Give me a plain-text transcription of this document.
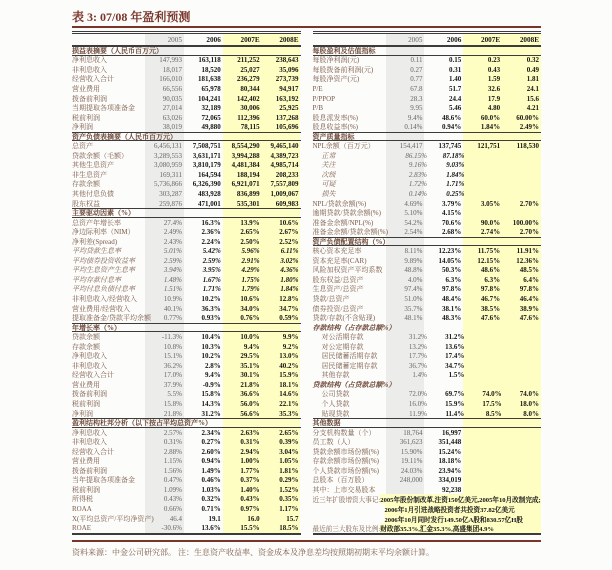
表 3: 07/08 年盈利预测
2005	2006	2007E	2008E
损益表摘要（人民币百万元）
净利息收入	147,993	163,118	211,252	238,643
非利息收入	18,017	18,520	25,027	35,096
经营收入合计	166,010	181,638	236,279	273,739
营业费用	66,556	65,978	80,344	94,917
拨备前利润	90,035	104,241	142,402	163,192
当期提取各项准备金	27,014	32,189	30,006	25,925
税前利润	63,026	72,065	112,396	137,268
净利润	38,019	49,880	78,115	105,696
资产负债表摘要（人民币百万元）
总资产	6,456,131	7,508,751	8,554,290	9,465,140
贷款余额（毛额）	3,289,553	3,631,171	3,994,288	4,389,723
其他生息资产	3,080,959	3,810,179	4,481,384	4,985,714
非生息资产	169,311	164,594	188,194	208,233
存款余额	5,736,866	6,326,390	6,921,071	7,557,809
其他付息负债	303,287	483,928	836,899	1,009,067
股东权益	259,876	471,001	535,301	609,983
主要驱动因素（%）
总资产年增长率	27.4%	16.3%	13.9%	10.6%
净边际利率（NIM）	2.49%	2.36%	2.65%	2.67%
净利差(Spread)	2.43%	2.24%	2.50%	2.52%
平均贷款生息率	5.01%	5.42%	5.96%	6.11%
平均债券投资收益率	2.59%	2.59%	2.91%	3.02%
平均生息资产生息率	3.94%	3.95%	4.29%	4.36%
平均存款付息率	1.48%	1.67%	1.75%	1.80%
平均付息负债付息率	1.51%	1.71%	1.79%	1.84%
非利息收入/经营收入	10.9%	10.2%	10.6%	12.8%
营业费用/经营收入	40.1%	36.3%	34.0%	34.7%
提取准备金/贷款平均余额	0.77%	0.93%	0.76%	0.59%
年增长率（%）
贷款余额	-11.3%	10.4%	10.0%	9.9%
存款余额	10.8%	10.3%	9.4%	9.2%
净利息收入	15.1%	10.2%	29.5%	13.0%
非利息收入	36.2%	2.8%	35.1%	40.2%
经营收入合计	17.0%	9.4%	30.1%	15.9%
营业费用	37.9%	-0.9%	21.8%	18.1%
拨备前利润	5.5%	15.8%	36.6%	14.6%
税前利润	15.8%	14.3%	56.0%	22.1%
净利润	21.8%	31.2%	56.6%	35.3%
盈利结构杜邦分析（以下按占平均总资产%）
净利息收入	2.57%	2.34%	2.63%	2.65%
非利息收入	0.31%	0.27%	0.31%	0.39%
经营收入合计	2.88%	2.60%	2.94%	3.04%
营业费用	1.15%	0.94%	1.00%	1.05%
拨备前利润	1.56%	1.49%	1.77%	1.81%
当年提取各项准备金	0.47%	0.46%	0.37%	0.29%
税前利润	1.09%	1.03%	1.40%	1.52%
所得税	0.43%	0.32%	0.43%	0.35%
ROAA	0.66%	0.71%	0.97%	1.17%
X(平均总资产/平均净资产)	46.4	19.1	16.0	15.7
ROAE	-30.6%	13.6%	15.5%	18.5%
2005	2006	2007E	2008E
每股盈利及估值指标
每股净利润(元)	0.11	0.15	0.23	0.32
每股拨备前利润(元)	0.27	0.31	0.43	0.49
每股净资产(元)	0.77	1.40	1.59	1.81
P/E	67.8	51.7	32.6	24.1
P/PPOP	28.3	24.4	17.9	15.6
P/B	9.95	5.46	4.80	4.21
股息派发率(%)	9.4%	48.6%	60.0%	60.00%
股息收益率(%)	0.14%	0.94%	1.84%	2.49%
资产质量指标
NPL余额（百万元）	154,417	137,745	121,751	118,530
正常	86.15%	87.18%
关注	9.16%	9.03%
次级	2.83%	1.84%
可疑	1.72%	1.71%
损失	0.14%	0.25%
NPL/贷款余额(%)	4.69%	3.79%	3.05%	2.70%
逾期贷款/贷款余额(%)	5.10%	4.15%
准备金余额/NPL(%)	54.2%	70.6%	90.0%	100.00%
准备金余额/贷款余额(%)	2.54%	2.68%	2.74%	2.70%
资产负债配置结构（%）
核心资本充足率	8.11%	12.23%	11.75%	11.91%
资本充足率(CAR)	9.89%	14.05%	12.15%	12.36%
风险加权资产平均系数	48.8%	50.3%	48.6%	48.5%
股东权益/总资产	4.0%	6.3%	6.3%	6.4%
生息资产/总资产	97.4%	97.8%	97.8%	97.8%
贷款/总资产	51.0%	48.4%	46.7%	46.4%
债券投资/总资产	35.7%	38.1%	38.5%	38.9%
贷款/存款(不含贴现)	48.1%	48.3%	47.6%	47.6%
存款结构（占存款总额%）
对公活期存款	31.2%	31.2%
对公定期存款	13.2%	13.6%
居民储蓄活期存款	17.7%	17.4%
居民储蓄定期存款	36.7%	34.7%
其他存款	1.4%	1.5%
贷款结构（占贷款总额%）
公司贷款	72.0%	69.7%	74.0%	74.0%
个人贷款	16.0%	15.9%	17.5%	18.0%
贴现贷款	11.9%	11.4%	8.5%	8.0%
其他数据
分支机构数量（个）	18,764	16,997
员工数（人）	361,623	351,448
贷款余额市场份额(%)	15.90%	15.24%
存款余额市场份额(%)	19.11%	18.18%
个人贷款市场份额(%)	24.03%	23.94%
总股本（百万股）	248,000	334,019
其中：上市交易股本	92,238
近三年扩股增资大事记: 2005年股份制改革,注资150亿美元,2005年10月改制完成;
2006年1月引进战略投资者共投资37.82亿美元
2006年10月同时发行149.50亿A股和830.57亿H股
最近前三大股东及比例: 财政部35.3%,汇金35.3%,高盛集团4.9%
资料来源：中金公司研究部。 注：生息资产收益率、资金成本及净息差均按照期初期末平均余额计算。
